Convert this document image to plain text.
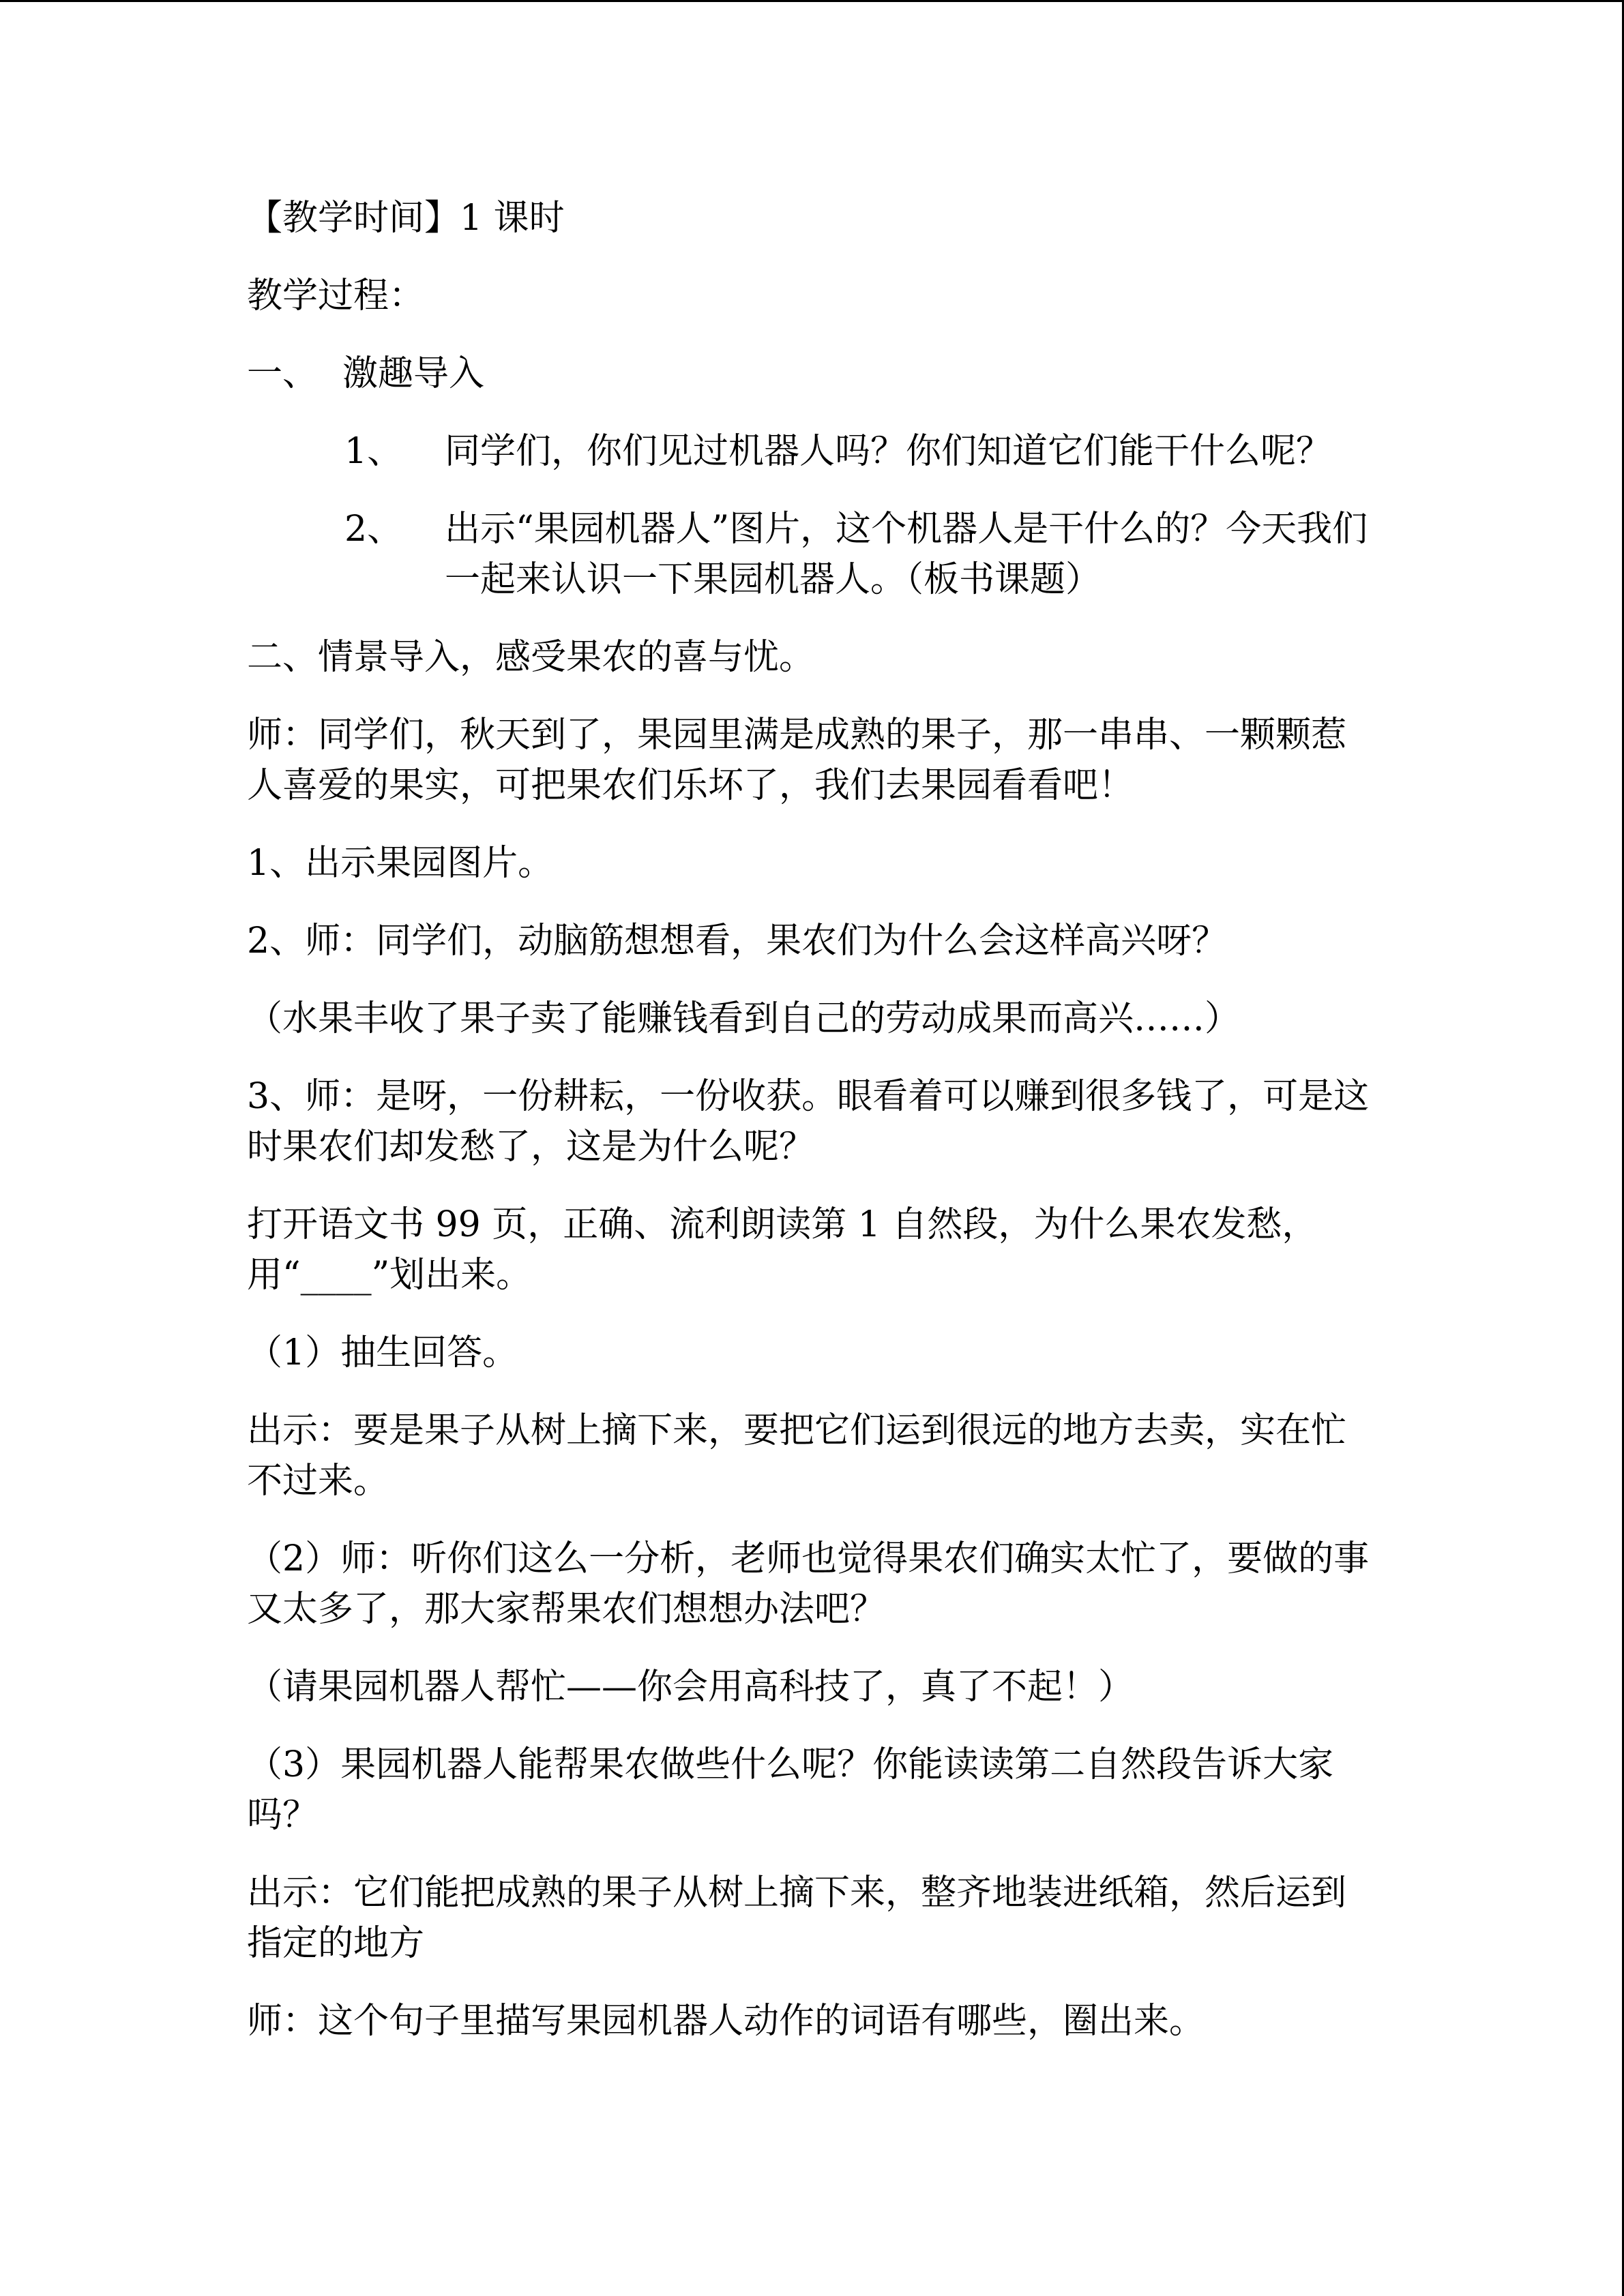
【教学时间】1 课时

教学过程：

一、 激趣导入
1、	同学们，你们见过机器人吗？你们知道它们能干什么呢？
2、	出示“果园机器人”图片，这个机器人是干什么的？今天我们一起来认识一下果园机器人。（板书课题）

二、情景导入，感受果农的喜与忧。

师：同学们，秋天到了，果园里满是成熟的果子，那一串串、一颗颗惹人喜爱的果实，可把果农们乐坏了，我们去果园看看吧！

1、出示果园图片。

2、师：同学们，动脑筋想想看，果农们为什么会这样高兴呀？

（水果丰收了果子卖了能赚钱看到自己的劳动成果而高兴……）

3、师：是呀，一份耕耘，一份收获。眼看着可以赚到很多钱了，可是这时果农们却发愁了，这是为什么呢？

打开语文书 99 页，正确、流利朗读第 1 自然段，为什么果农发愁，用“____”划出来。

（1）抽生回答。

出示：要是果子从树上摘下来，要把它们运到很远的地方去卖，实在忙不过来。

（2）师：听你们这么一分析，老师也觉得果农们确实太忙了，要做的事又太多了，那大家帮果农们想想办法吧？

（请果园机器人帮忙——你会用高科技了，真了不起！）

（3）果园机器人能帮果农做些什么呢？你能读读第二自然段告诉大家吗？

出示：它们能把成熟的果子从树上摘下来，整齐地装进纸箱，然后运到指定的地方

师：这个句子里描写果园机器人动作的词语有哪些，圈出来。
